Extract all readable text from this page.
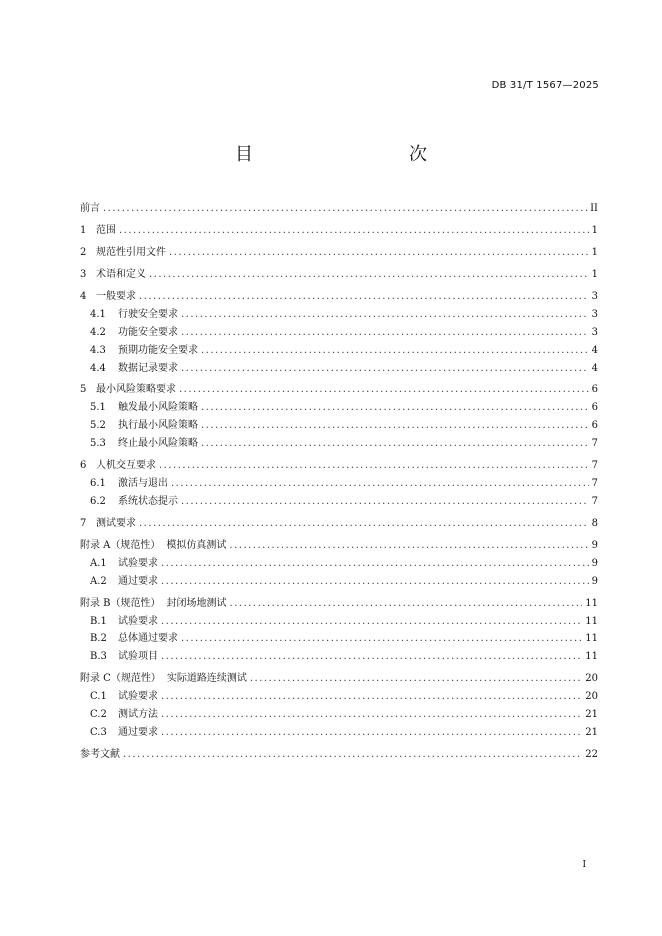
DB 31/T 1567—2025
目　　次
前言 .....	II
1 范围 .....	1
2 规范性引用文件 .....	1
3 术语和定义 .....	1
4 一般要求 .....	3
4.1	行驶安全要求 .....	3
4.2	功能安全要求 .....	3
4.3	预期功能安全要求 .....	4
4.4	数据记录要求 .....	4
5 最小风险策略要求 .....	6
5.1	触发最小风险策略 .....	6
5.2	执行最小风险策略 .....	6
5.3	终止最小风险策略 .....	7
6 人机交互要求 .....	7
6.1	激活与退出 .....	7
6.2	系统状态提示 .....	7
7 测试要求 .....	8
附录 A（规范性） 模拟仿真测试 .....	9
A.1	试验要求 .....	9
A.2	通过要求 .....	9
附录 B（规范性） 封闭场地测试 .....	11
B.1	试验要求 .....	11
B.2	总体通过要求 .....	11
B.3	试验项目 .....	11
附录 C（规范性） 实际道路连续测试 .....	20
C.1	试验要求 .....	20
C.2	测试方法 .....	21
C.3	通过要求 .....	21
参考文献 .....	22
I
